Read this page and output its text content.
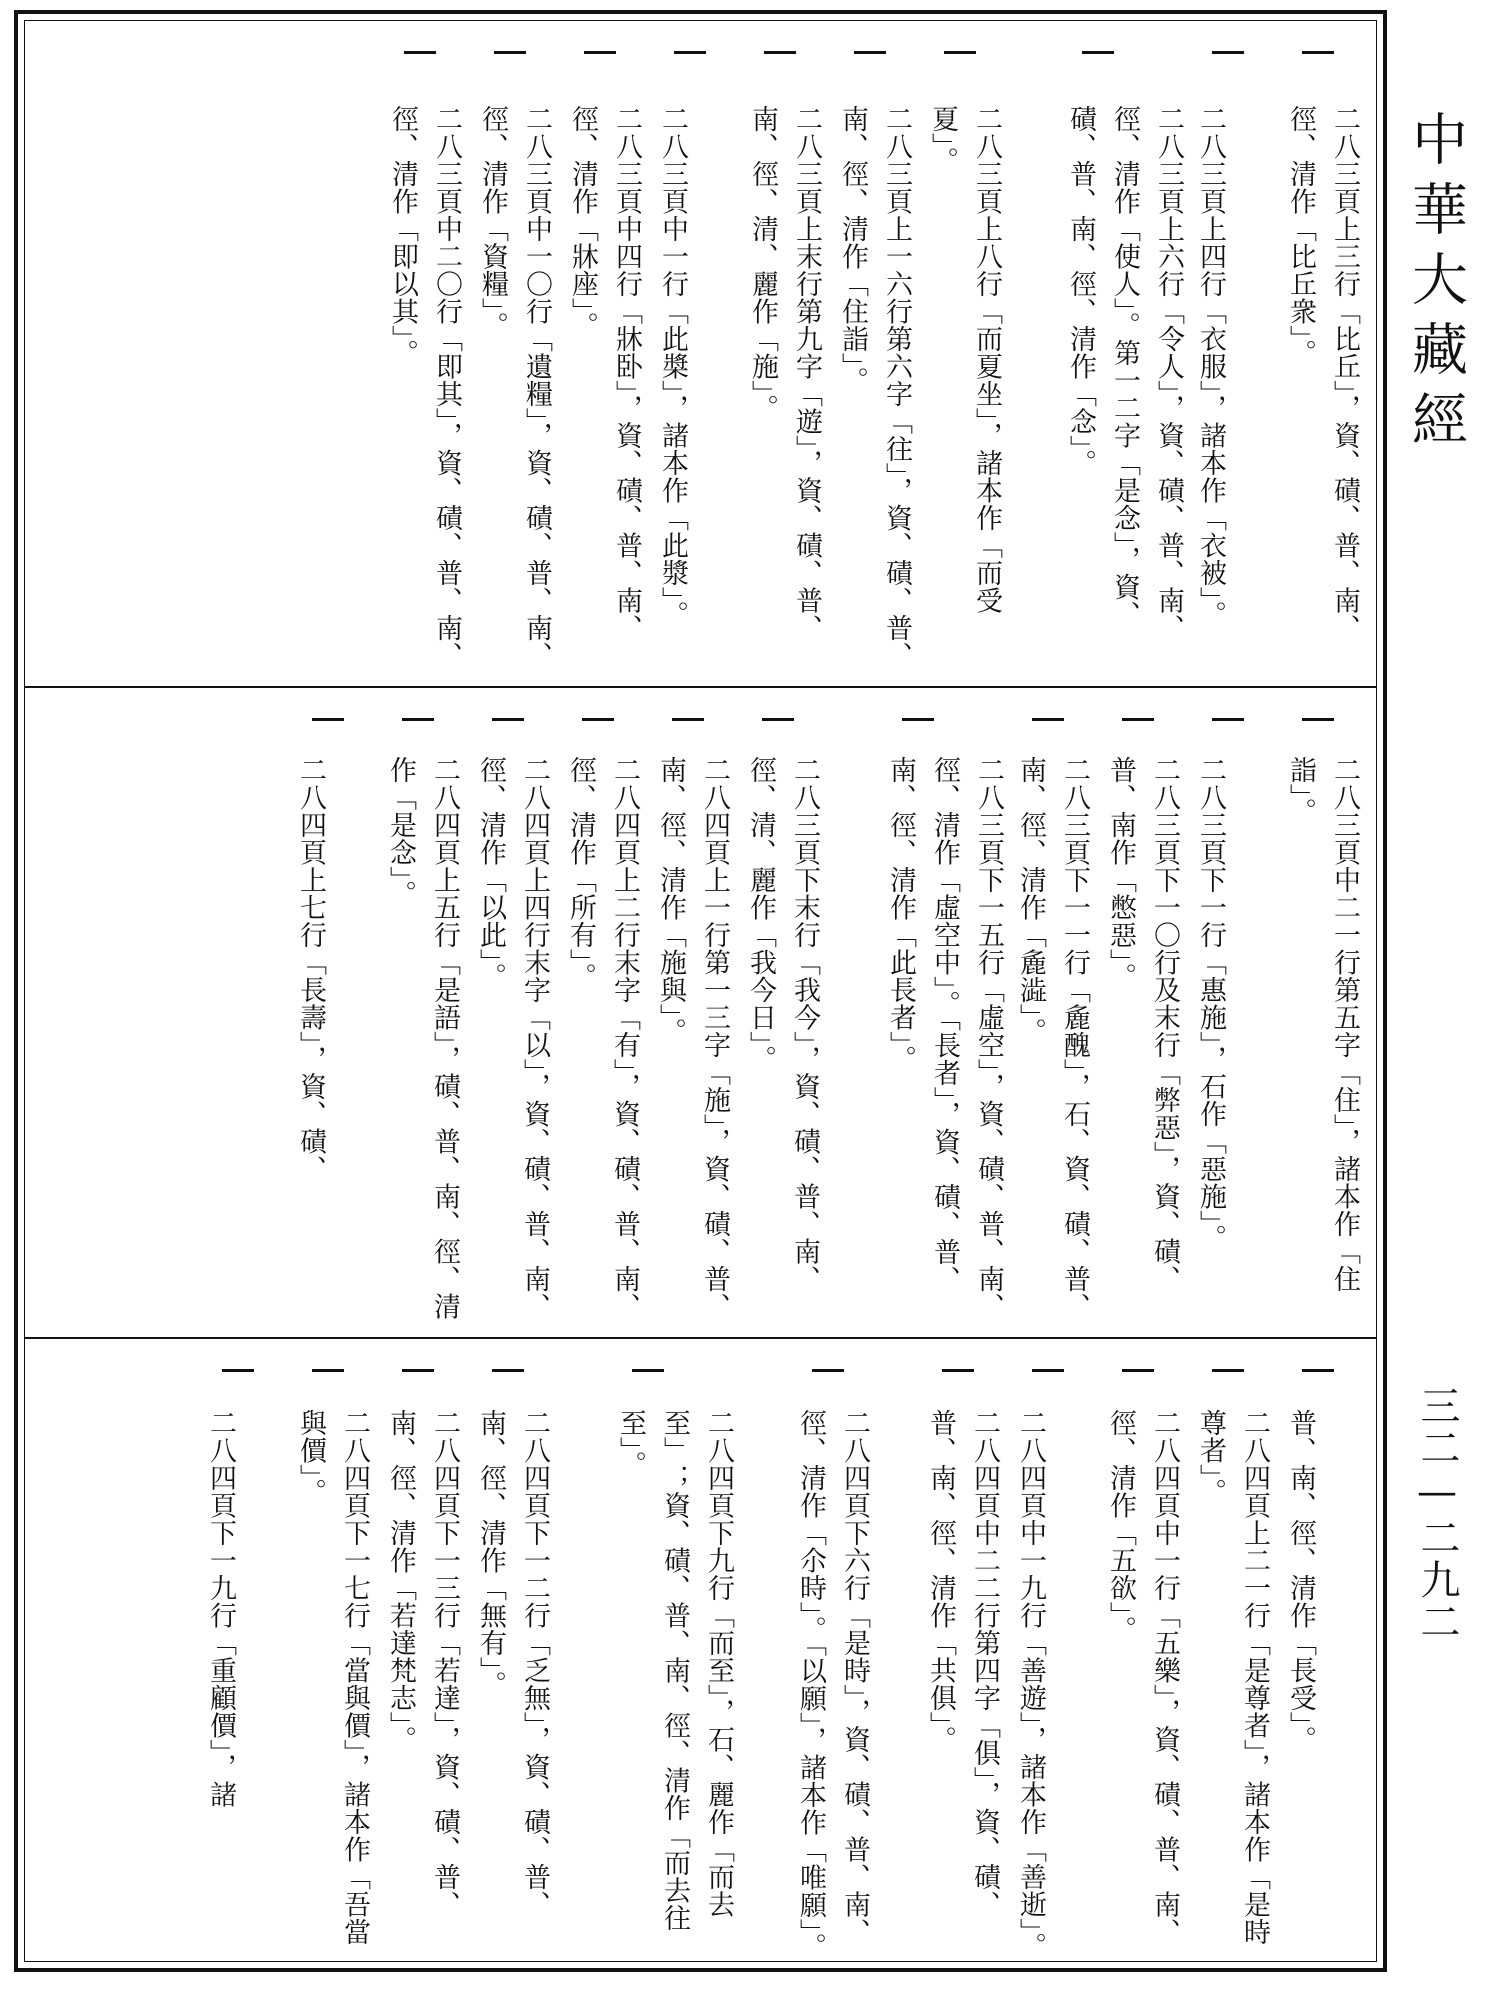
二八三頁上三行「比丘」，資、磧、普、南、徑、清作「比丘衆」。
二八三頁上四行「衣服」，諸本作「衣被」。
二八三頁上六行「令人」，資、磧、普、南、徑、清作「使人」。第一二字「是念」，資、磧、普、南、徑、清作「念」。
二八三頁上八行「而夏坐」，諸本作「而受夏」。
二八三頁上一六行第六字「往」，資、磧、普、南、徑、清作「住詣」。
二八三頁上末行第九字「遊」，資、磧、普、南、徑、清、麗作「施」。
二八三頁中一行「此槳」，諸本作「此漿」。
二八三頁中四行「牀卧」，資、磧、普、南、徑、清作「牀座」。
二八三頁中一〇行「遺糧」，資、磧、普、南、徑、清作「資糧」。
二八三頁中二〇行「即其」，資、磧、普、南、徑、清作「即以其」。
二八三頁中二一行第五字「住」，諸本作「住詣」。
二八三頁下一行「惠施」，石作「惡施」。
二八三頁下一〇行及末行「弊惡」，資、磧、普、南作「憋惡」。
二八三頁下一一行「麁醜」，石、資、磧、普、南、徑、清作「麁澁」。
二八三頁下一五行「虛空」，資、磧、普、南、徑、清作「虛空中」。「長者」，資、磧、普、南、徑、清作「此長者」。
二八三頁下末行「我今」，資、磧、普、南、徑、清、麗作「我今日」。
二八四頁上一行第一三字「施」，資、磧、普、南、徑、清作「施與」。
二八四頁上二行末字「有」，資、磧、普、南、徑、清作「所有」。
二八四頁上四行末字「以」，資、磧、普、南、徑、清作「以此」。
二八四頁上五行「是語」，磧、普、南、徑、清作「是念」。
二八四頁上七行「長壽」，資、磧、
普、南、徑、清作「長受」。
二八四頁上二一行「是尊者」，諸本作「是時尊者」。
二八四頁中一行「五樂」，資、磧、普、南、徑、清作「五欲」。
二八四頁中一九行「善遊」，諸本作「善逝」。
二八四頁中二二行第四字「俱」，資、磧、普、南、徑、清作「共俱」。
二八四頁下六行「是時」，資、磧、普、南、徑、清作「尒時」。「以願」，諸本作「唯願」。
二八四頁下九行「而至」，石、麗作「而去至」；資、磧、普、南、徑、清作「而去往至」。
二八四頁下一二行「乏無」，資、磧、普、南、徑、清作「無有」。
二八四頁下一三行「若達」，資、磧、普、南、徑、清作「若達梵志」。
二八四頁下一七行「當與價」，諸本作「吾當與價」。
二八四頁下一九行「重顧價」，諸
中華大藏經
三二—二九二
